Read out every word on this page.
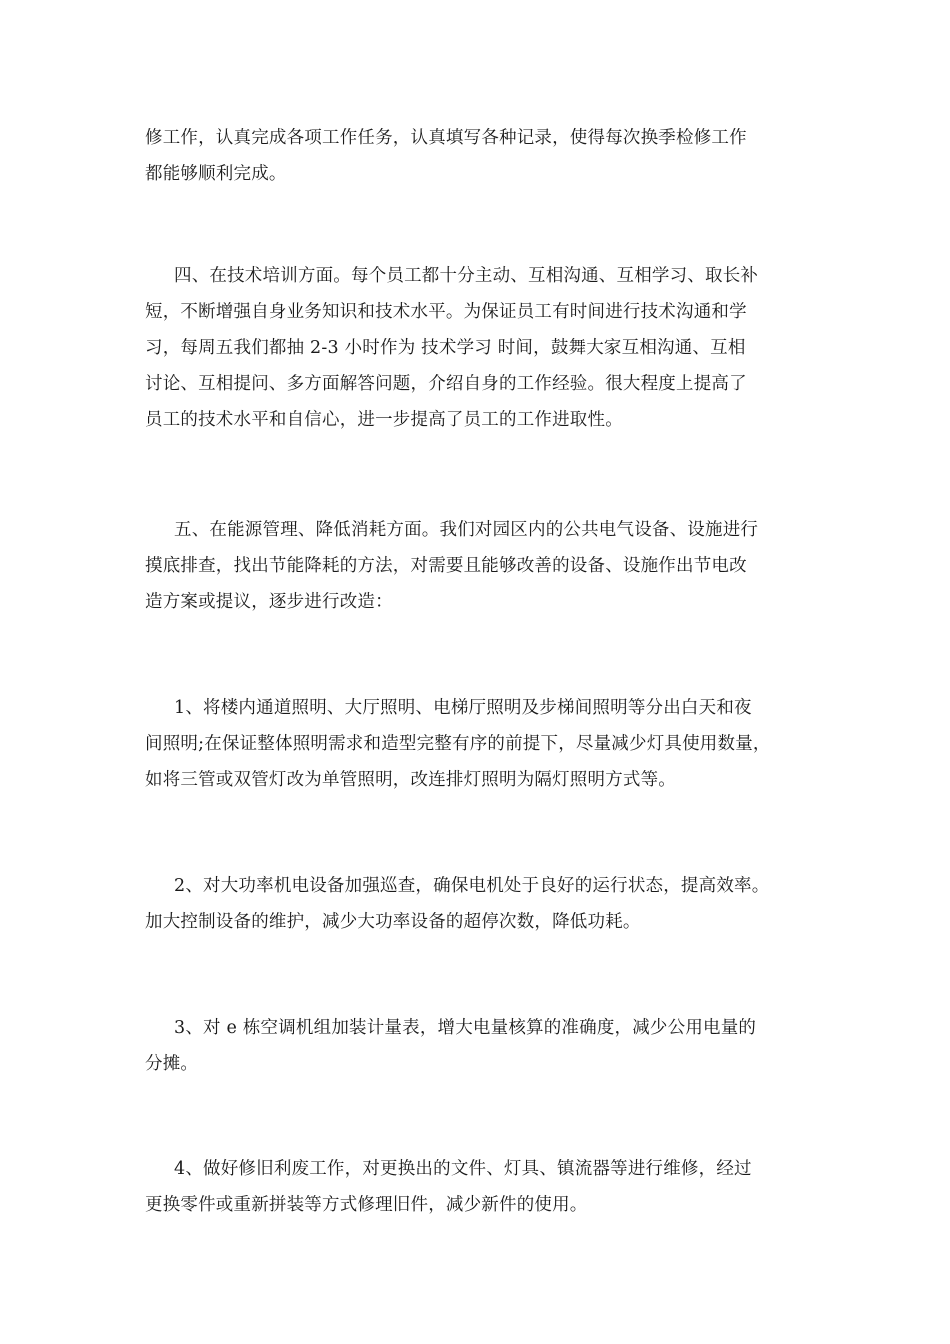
修工作，认真完成各项工作任务，认真填写各种记录，使得每次换季检修工作
都能够顺利完成。

四、在技术培训方面。每个员工都十分主动、互相沟通、互相学习、取长补
短，不断增强自身业务知识和技术水平。为保证员工有时间进行技术沟通和学
习，每周五我们都抽 2-3 小时作为 技术学习 时间，鼓舞大家互相沟通、互相
讨论、互相提问、多方面解答问题，介绍自身的工作经验。很大程度上提高了
员工的技术水平和自信心，进一步提高了员工的工作进取性。

五、在能源管理、降低消耗方面。我们对园区内的公共电气设备、设施进行
摸底排查，找出节能降耗的方法，对需要且能够改善的设备、设施作出节电改
造方案或提议，逐步进行改造：

1、将楼内通道照明、大厅照明、电梯厅照明及步梯间照明等分出白天和夜
间照明;在保证整体照明需求和造型完整有序的前提下，尽量减少灯具使用数量，
如将三管或双管灯改为单管照明，改连排灯照明为隔灯照明方式等。

2、对大功率机电设备加强巡查，确保电机处于良好的运行状态，提高效率。
加大控制设备的维护，减少大功率设备的超停次数，降低功耗。

3、对 e 栋空调机组加装计量表，增大电量核算的准确度，减少公用电量的
分摊。

4、做好修旧利废工作，对更换出的文件、灯具、镇流器等进行维修，经过
更换零件或重新拼装等方式修理旧件，减少新件的使用。
